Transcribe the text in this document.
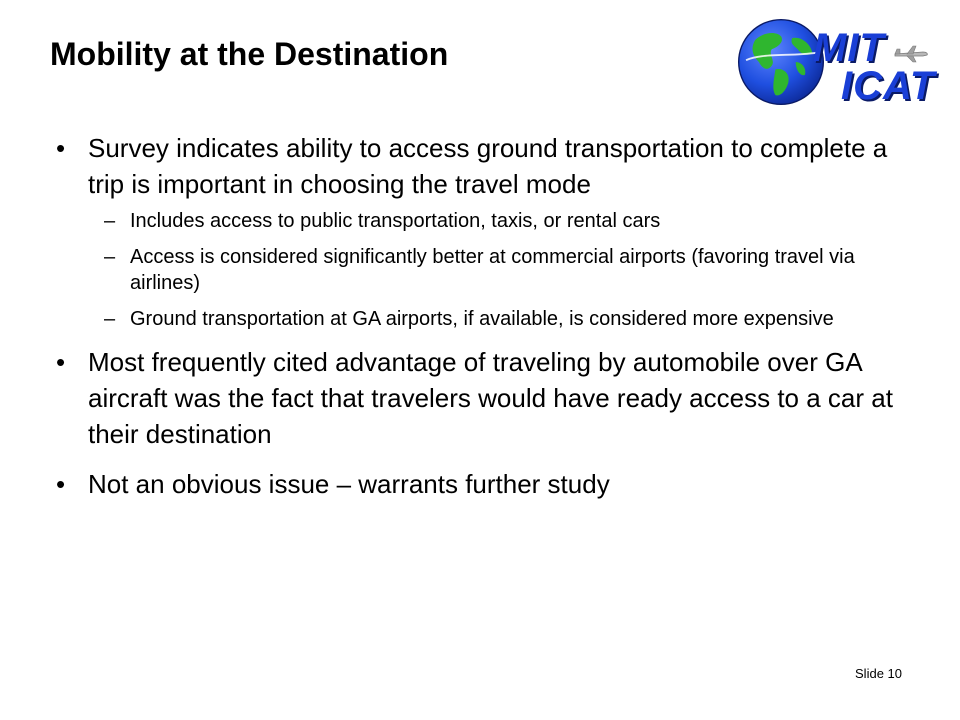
Mobility at the Destination	MIT
ICAT
• Survey indicates ability to access ground transportation to complete a trip is important in choosing the travel mode
– Includes access to public transportation, taxis, or rental cars
– Access is considered significantly better at commercial airports (favoring travel via airlines)
– Ground transportation at GA airports, if available, is considered more expensive
• Most frequently cited advantage of traveling by automobile over GA aircraft was the fact that travelers would have ready access to a car at their destination
• Not an obvious issue – warrants further study
Slide 10
